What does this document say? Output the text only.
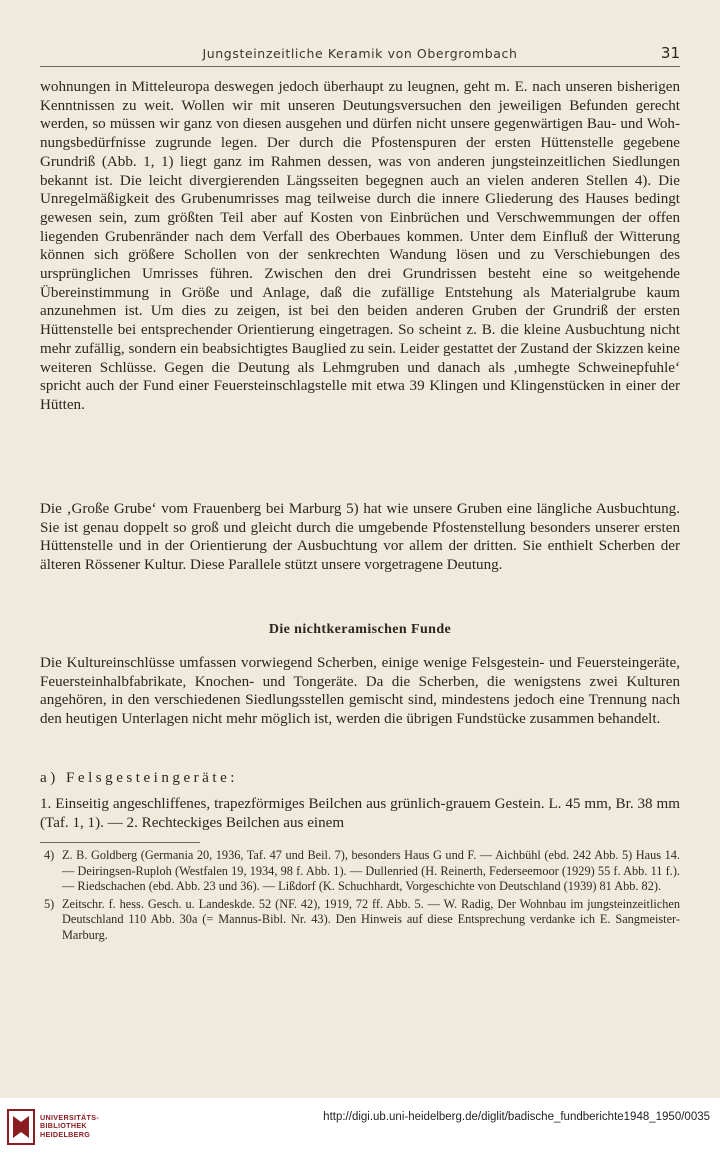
Jungsteinzeitliche Keramik von Obergrombach	31

wohnungen in Mitteleuropa deswegen jedoch überhaupt zu leugnen, geht m. E. nach unseren bisherigen Kenntnissen zu weit. Wollen wir mit unseren Deutungsversuchen den jeweiligen Befunden gerecht werden, so müssen wir ganz von diesen ausgehen und dürfen nicht unsere gegenwärtigen Bau- und Wohnungsbedürfnisse zugrunde legen. Der durch die Pfostenspuren der ersten Hüttenstelle gegebene Grundriß (Abb. 1, 1) liegt ganz im Rahmen dessen, was von anderen jungsteinzeitlichen Siedlungen bekannt ist. Die leicht divergierenden Längsseiten begegnen auch an vielen anderen Stellen 4). Die Unregelmäßigkeit des Grubenumrisses mag teilweise durch die innere Gliederung des Hauses bedingt gewesen sein, zum größten Teil aber auf Kosten von Einbrüchen und Verschwemmungen der offen liegenden Grubenränder nach dem Verfall des Oberbaues kommen. Unter dem Einfluß der Witterung können sich größere Schollen von der senkrechten Wandung lösen und zu Verschiebungen des ursprünglichen Umrisses führen. Zwischen den drei Grundrissen besteht eine so weitgehende Übereinstimmung in Größe und Anlage, daß die zufällige Entstehung als Materialgrube kaum anzunehmen ist. Um dies zu zeigen, ist bei den beiden anderen Gruben der Grundriß der ersten Hüttenstelle bei entsprechender Orientierung eingetragen. So scheint z. B. die kleine Ausbuchtung nicht mehr zufällig, sondern ein beabsichtigtes Bauglied zu sein. Leider gestattet der Zustand der Skizzen keine weiteren Schlüsse. Gegen die Deutung als Lehmgruben und danach als ‚umhegte Schweinepfuhle‘ spricht auch der Fund einer Feuersteinschlagstelle mit etwa 39 Klingen und Klingenstücken in einer der Hütten.

Die ‚Große Grube‘ vom Frauenberg bei Marburg 5) hat wie unsere Gruben eine längliche Ausbuchtung. Sie ist genau doppelt so groß und gleicht durch die umgebende Pfostenstellung besonders unserer ersten Hüttenstelle und in der Orientierung der Ausbuchtung vor allem der dritten. Sie enthielt Scherben der älteren Rössener Kultur. Diese Parallele stützt unsere vorgetragene Deutung.

Die nichtkeramischen Funde

Die Kultureinschlüsse umfassen vorwiegend Scherben, einige wenige Felsgestein- und Feuersteingeräte, Feuersteinhalbfabrikate, Knochen- und Tongeräte. Da die Scherben, die wenigstens zwei Kulturen angehören, in den verschiedenen Siedlungsstellen gemischt sind, mindestens jedoch eine Trennung nach den heutigen Unterlagen nicht mehr möglich ist, werden die übrigen Fundstücke zusammen behandelt.

a) Felsgesteingeräte:

1. Einseitig angeschliffenes, trapezförmiges Beilchen aus grünlich-grauem Gestein. L. 45 mm, Br. 38 mm (Taf. 1, 1). — 2. Rechteckiges Beilchen aus einem

4) Z. B. Goldberg (Germania 20, 1936, Taf. 47 und Beil. 7), besonders Haus G und F. — Aichbühl (ebd. 242 Abb. 5) Haus 14. — Deiringsen-Ruploh (Westfalen 19, 1934, 98 f. Abb. 1). — Dullenried (H. Reinerth, Federseemoor (1929) 55 f. Abb. 11 f.). — Riedschachen (ebd. Abb. 23 und 36). — Lißdorf (K. Schuchhardt, Vorgeschichte von Deutschland (1939) 81 Abb. 82).

5) Zeitschr. f. hess. Gesch. u. Landeskde. 52 (NF. 42), 1919, 72 ff. Abb. 5. — W. Radig, Der Wohnbau im jungsteinzeitlichen Deutschland 110 Abb. 30a (= Mannus-Bibl. Nr. 43). Den Hinweis auf diese Entsprechung verdanke ich E. Sangmeister-Marburg.

UNIVERSITÄTS-
BIBLIOTHEK
HEIDELBERG
http://digi.ub.uni-heidelberg.de/diglit/badische_fundberichte1948_1950/0035
